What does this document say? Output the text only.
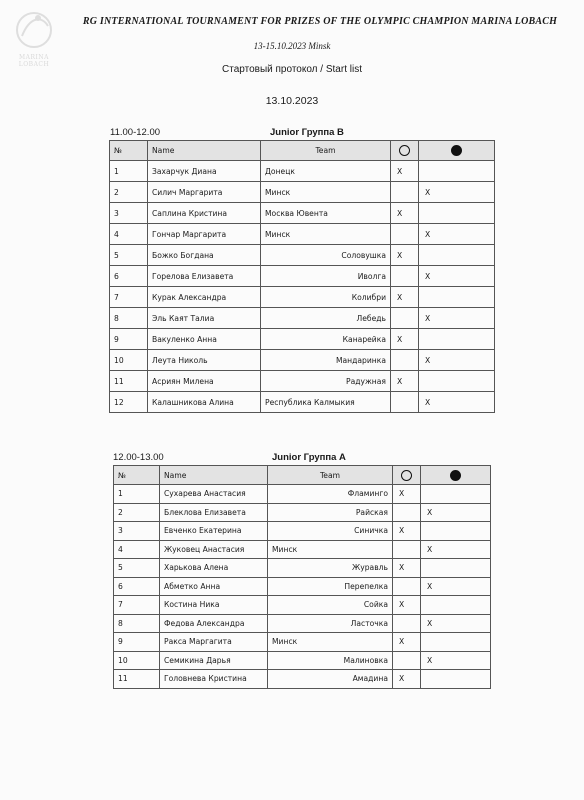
MARINA LOBACH
RG INTERNATIONAL TOURNAMENT FOR PRIZES OF THE OLYMPIC CHAMPION MARINA LOBACH
13-15.10.2023 Minsk
Стартовый протокол / Start list
13.10.2023
11.00-12.00	Junior Группа В
№	Name	Team		
1	Захарчук Диана	Донецк	X	
2	Силич Маргарита	Минск		X
3	Саплина Кристина	Москва Ювента	X	
4	Гончар Маргарита	Минск		X
5	Божко Богдана	Соловушка	X	
6	Горелова Елизавета	Иволга		X
7	Курак Александра	Колибри	X	
8	Эль Каят Талиа	Лебедь		X
9	Вакуленко Анна	Канарейка	X	
10	Леута Николь	Мандаринка		X
11	Асриян Милена	Радужная	X	
12	Калашникова Алина	Республика Калмыкия		X
12.00-13.00	Junior Группа А
№	Name	Team		
1	Сухарева Анастасия	Фламинго	X	
2	Блеклова Елизавета	Райская		X
3	Евченко Екатерина	Синичка	X	
4	Жуковец Анастасия	Минск		X
5	Харькова Алена	Журавль	X	
6	Абметко Анна	Перепелка		X
7	Костина Ника	Сойка	X	
8	Федова Александра	Ласточка		X
9	Ракса Маргагита	Минск	X	
10	Семикина Дарья	Малиновка		X
11	Головнева Кристина	Амадина	X	
